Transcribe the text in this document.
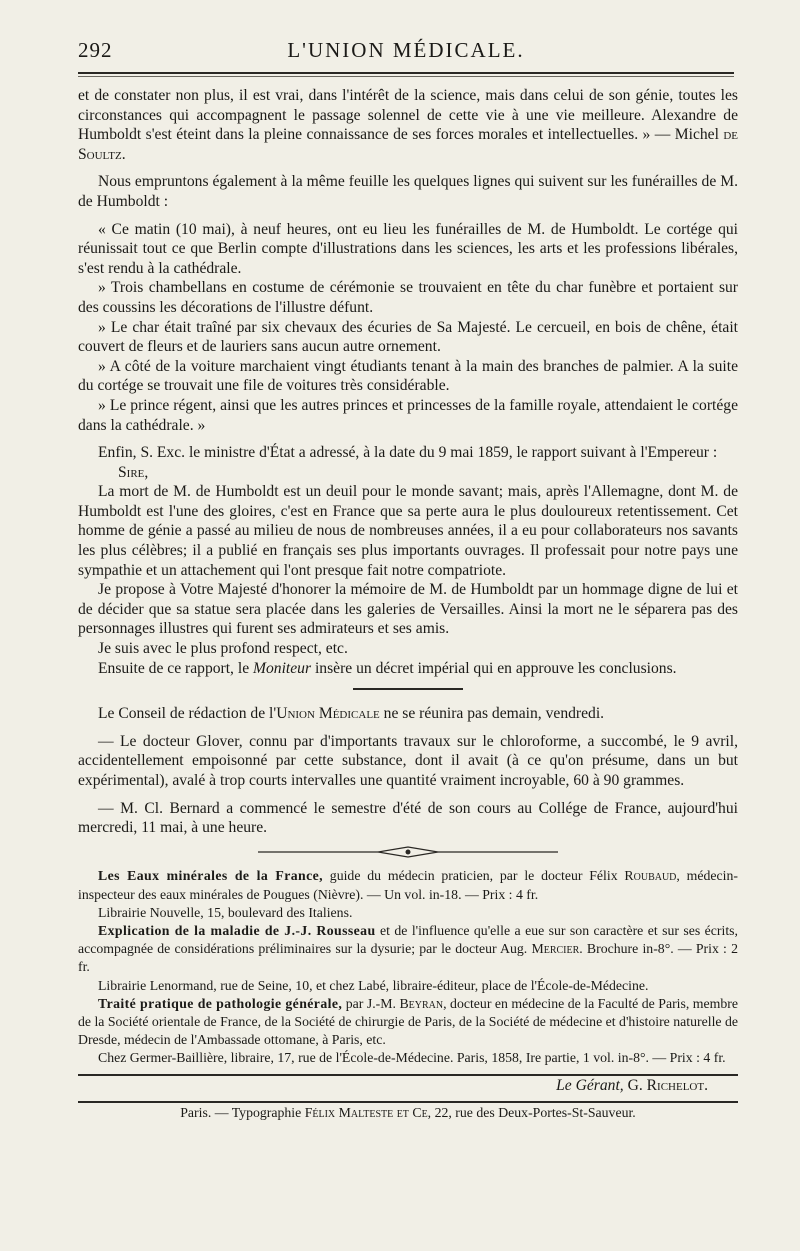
292	L'UNION MÉDICALE.

et de constater non plus, il est vrai, dans l'intérêt de la science, mais dans celui de son génie, toutes les circonstances qui accompagnent le passage solennel de cette vie à une vie meilleure. Alexandre de Humboldt s'est éteint dans la pleine connaissance de ses forces morales et intellectuelles. » — Michel de Soultz.

Nous empruntons également à la même feuille les quelques lignes qui suivent sur les funérailles de M. de Humboldt :

« Ce matin (10 mai), à neuf heures, ont eu lieu les funérailles de M. de Humboldt. Le cortége qui réunissait tout ce que Berlin compte d'illustrations dans les sciences, les arts et les professions libérales, s'est rendu à la cathédrale.

» Trois chambellans en costume de cérémonie se trouvaient en tête du char funèbre et portaient sur des coussins les décorations de l'illustre défunt.

» Le char était traîné par six chevaux des écuries de Sa Majesté. Le cercueil, en bois de chêne, était couvert de fleurs et de lauriers sans aucun autre ornement.

» A côté de la voiture marchaient vingt étudiants tenant à la main des branches de palmier. A la suite du cortége se trouvait une file de voitures très considérable.

» Le prince régent, ainsi que les autres princes et princesses de la famille royale, attendaient le cortége dans la cathédrale. »

Enfin, S. Exc. le ministre d'État a adressé, à la date du 9 mai 1859, le rapport suivant à l'Empereur :

Sire,

La mort de M. de Humboldt est un deuil pour le monde savant; mais, après l'Allemagne, dont M. de Humboldt est l'une des gloires, c'est en France que sa perte aura le plus douloureux retentissement. Cet homme de génie a passé au milieu de nous de nombreuses années, il a eu pour collaborateurs nos savants les plus célèbres; il a publié en français ses plus importants ouvrages. Il professait pour notre pays une sympathie et un attachement qui l'ont presque fait notre compatriote.

Je propose à Votre Majesté d'honorer la mémoire de M. de Humboldt par un hommage digne de lui et de décider que sa statue sera placée dans les galeries de Versailles. Ainsi la mort ne le séparera pas des personnages illustres qui furent ses admirateurs et ses amis.

Je suis avec le plus profond respect, etc.

Ensuite de ce rapport, le Moniteur insère un décret impérial qui en approuve les conclusions.

Le Conseil de rédaction de l'Union Médicale ne se réunira pas demain, vendredi.

— Le docteur Glover, connu par d'importants travaux sur le chloroforme, a succombé, le 9 avril, accidentellement empoisonné par cette substance, dont il avait (à ce qu'on présume, dans un but expérimental), avalé à trop courts intervalles une quantité vraiment incroyable, 60 à 90 grammes.

— M. Cl. Bernard a commencé le semestre d'été de son cours au Collége de France, aujourd'hui mercredi, 11 mai, à une heure.

Les Eaux minérales de la France, guide du médecin praticien, par le docteur Félix Roubaud, médecin-inspecteur des eaux minérales de Pougues (Nièvre). — Un vol. in-18. — Prix : 4 fr.

Librairie Nouvelle, 15, boulevard des Italiens.

Explication de la maladie de J.-J. Rousseau et de l'influence qu'elle a eue sur son caractère et sur ses écrits, accompagnée de considérations préliminaires sur la dysurie; par le docteur Aug. Mercier. Brochure in-8°. — Prix : 2 fr.

Librairie Lenormand, rue de Seine, 10, et chez Labé, libraire-éditeur, place de l'École-de-Médecine.

Traité pratique de pathologie générale, par J.-M. Beyran, docteur en médecine de la Faculté de Paris, membre de la Société orientale de France, de la Société de chirurgie de Paris, de la Société de médecine et d'histoire naturelle de Dresde, médecin de l'Ambassade ottomane, à Paris, etc.

Chez Germer-Baillière, libraire, 17, rue de l'École-de-Médecine. Paris, 1858, Ire partie, 1 vol. in-8°. — Prix : 4 fr.

Le Gérant, G. Richelot.

Paris. — Typographie Félix Malteste et Ce, 22, rue des Deux-Portes-St-Sauveur.
